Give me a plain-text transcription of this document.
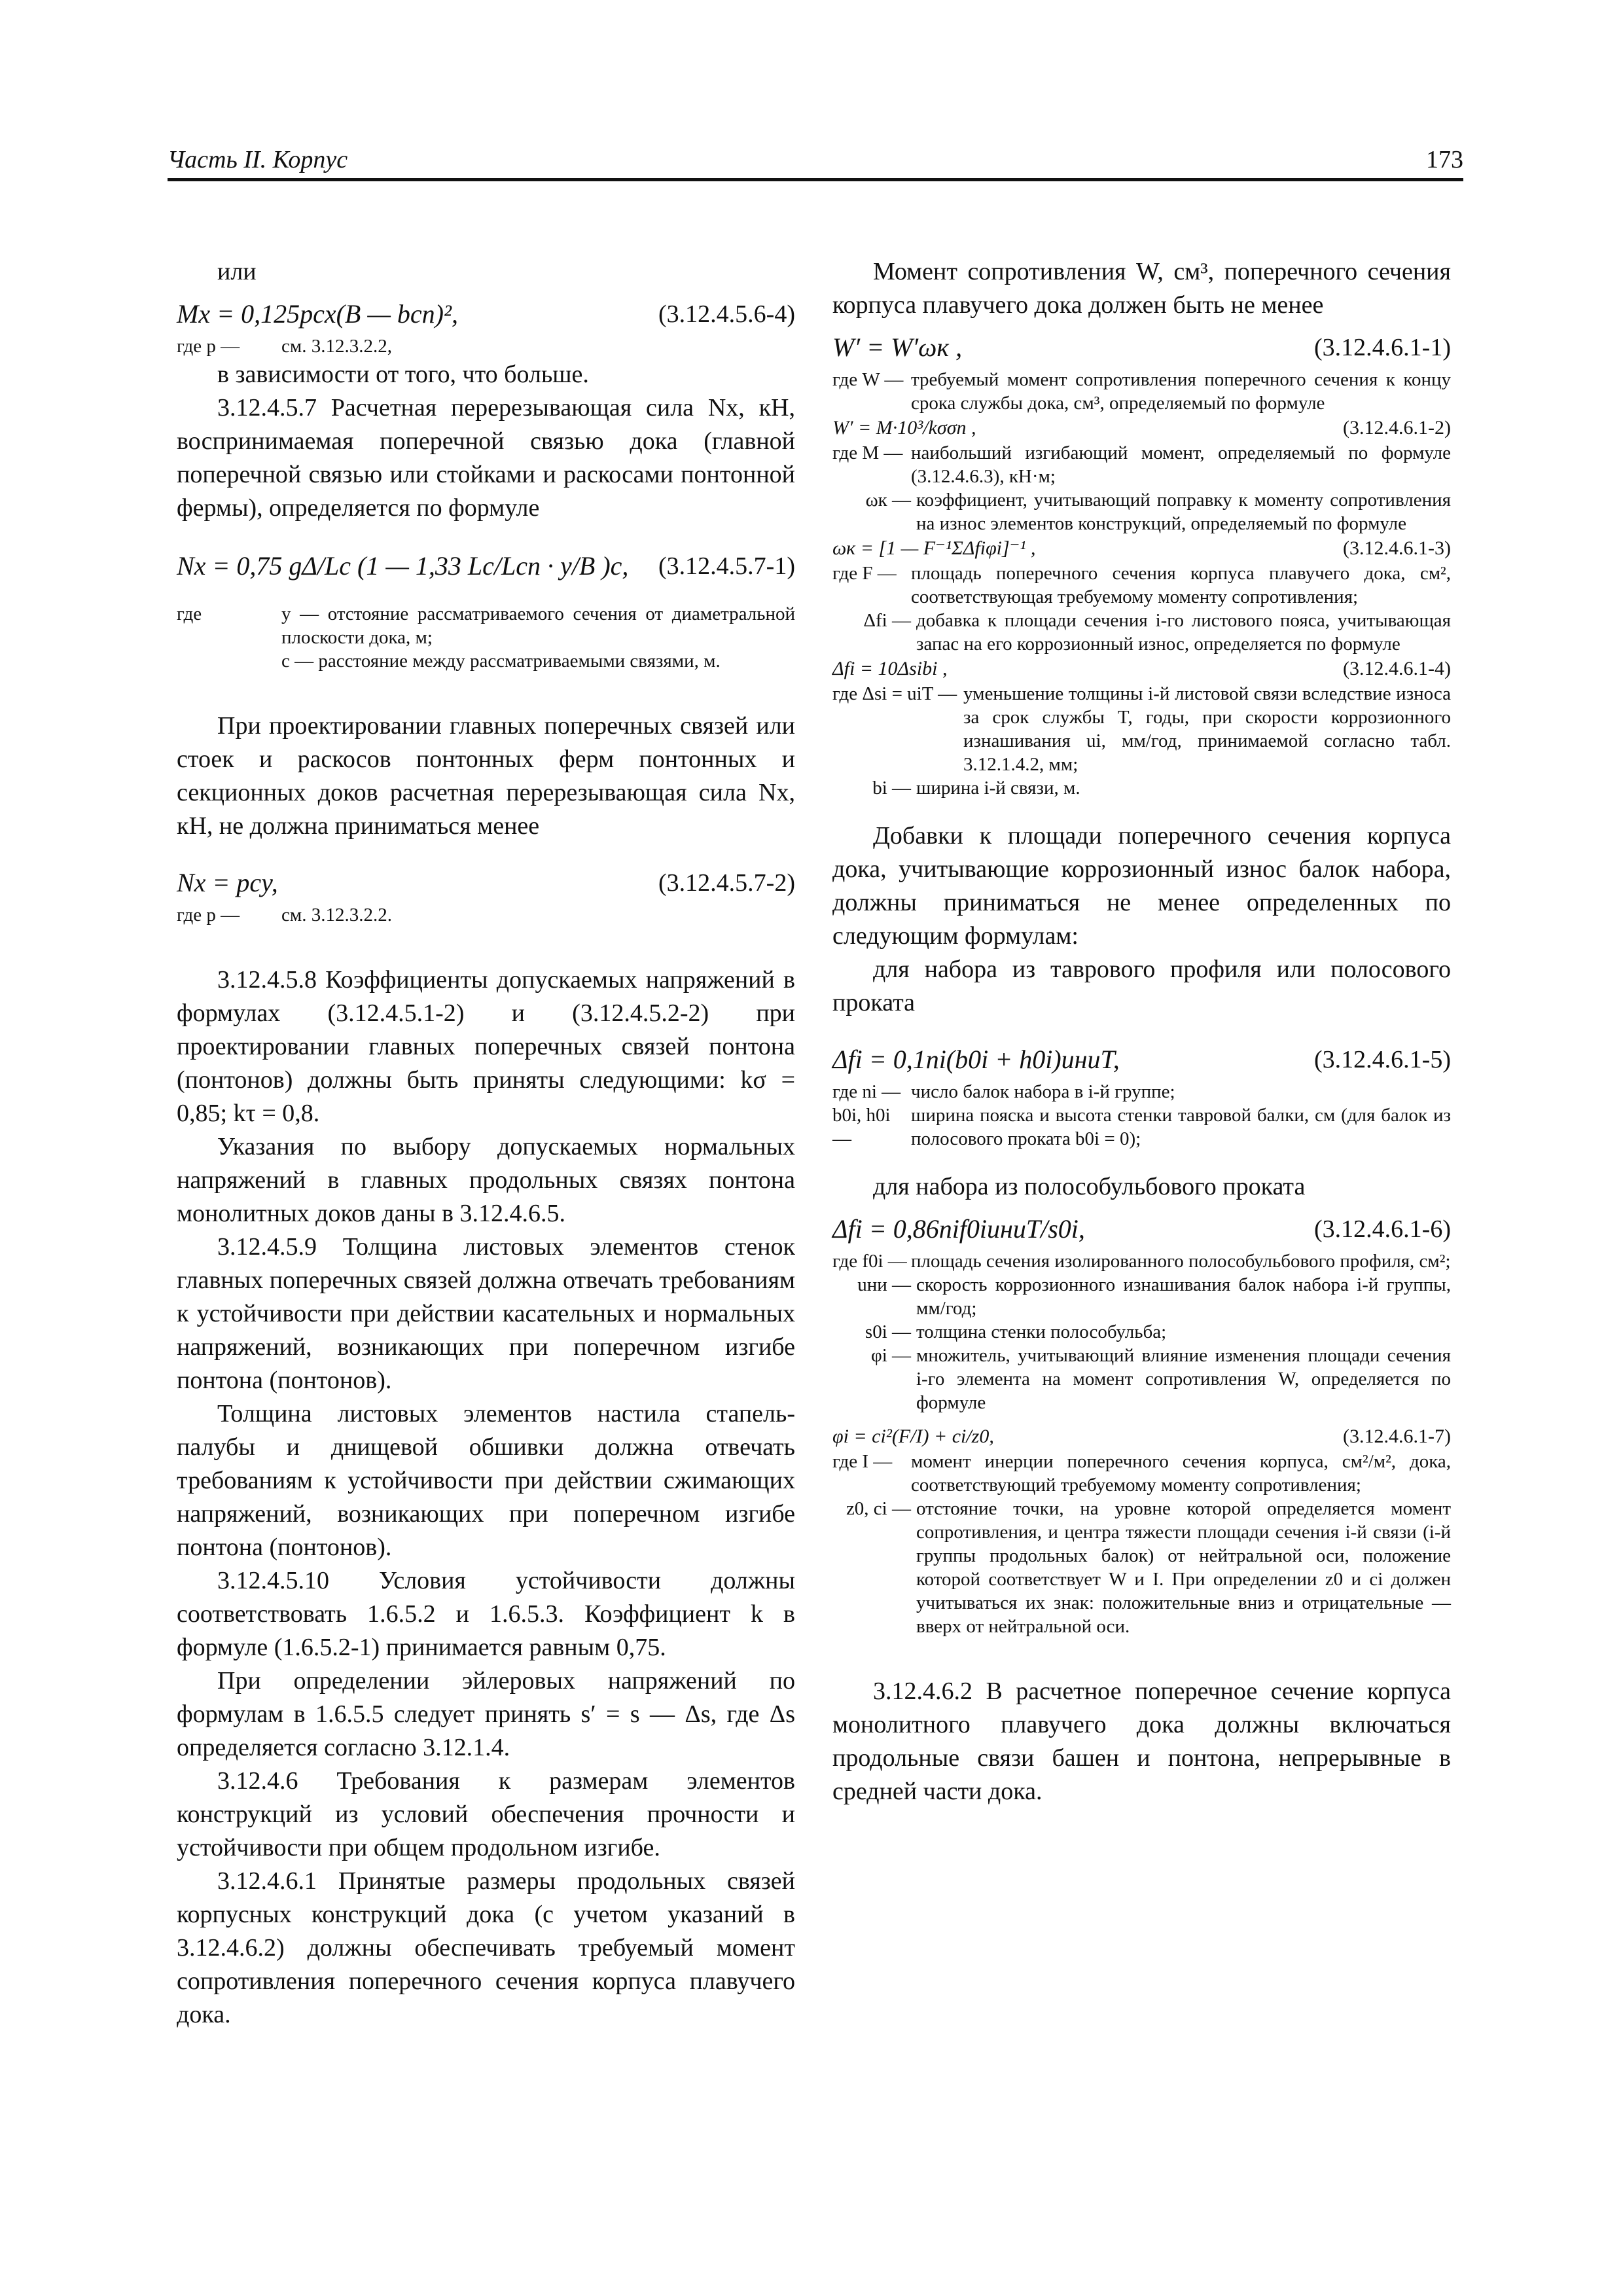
Часть II. Корпус	173

или

Mx = 0,125pcx(B — bсп)²,	(3.12.4.5.6-4)
где p —	см. 3.12.3.2.2,

в зависимости от того, что больше.

3.12.4.5.7 Расчетная перерезывающая сила Nx, кН, воспринимаемая поперечной связью дока (главной поперечной связью или стойками и раскосами понтонной фермы), определяется по формуле

Nx = 0,75 gΔ/Lc (1 — 1,33 Lc/Lсп · y/B )c, (3.12.4.5.7-1)
где	y — отстояние рассматриваемого сечения от диаметральной плоскости дока, м;
c — расстояние между рассматриваемыми связями, м.

При проектировании главных поперечных связей или стоек и раскосов понтонных ферм понтонных и секционных доков расчетная перерезывающая сила Nx, кН, не должна приниматься менее

Nx = pcy,	(3.12.4.5.7-2)
где p —	см. 3.12.3.2.2.

3.12.4.5.8 Коэффициенты допускаемых напряжений в формулах (3.12.4.5.1-2) и (3.12.4.5.2-2) при проектировании главных поперечных связей понтона (понтонов) должны быть приняты следующими: kσ = 0,85; kτ = 0,8.

Указания по выбору допускаемых нормальных напряжений в главных продольных связях понтона монолитных доков даны в 3.12.4.6.5.

3.12.4.5.9 Толщина листовых элементов стенок главных поперечных связей должна отвечать требованиям к устойчивости при действии касательных и нормальных напряжений, возникающих при поперечном изгибе понтона (понтонов).

Толщина листовых элементов настила стапель-палубы и днищевой обшивки должна отвечать требованиям к устойчивости при действии сжимающих напряжений, возникающих при поперечном изгибе понтона (понтонов).

3.12.4.5.10 Условия устойчивости должны соответствовать 1.6.5.2 и 1.6.5.3. Коэффициент k в формуле (1.6.5.2-1) принимается равным 0,75.

При определении эйлеровых напряжений по формулам в 1.6.5.5 следует принять s′ = s — Δs, где Δs определяется согласно 3.12.1.4.

3.12.4.6 Требования к размерам элементов конструкций из условий обеспечения прочности и устойчивости при общем продольном изгибе.

3.12.4.6.1 Принятые размеры продольных связей корпусных конструкций дока (с учетом указаний в 3.12.4.6.2) должны обеспечивать требуемый момент сопротивления поперечного сечения корпуса плавучего дока.

Момент сопротивления W, см³, поперечного сечения корпуса плавучего дока должен быть не менее

W′ = W′ωк ,	(3.12.4.6.1-1)
где W — требуемый момент сопротивления поперечного сечения к концу срока службы дока, см³, определяемый по формуле
W′ = M·10³/kσσn ,	(3.12.4.6.1-2)
где M — наибольший изгибающий момент, определяемый по формуле (3.12.4.6.3), кН·м;
ωк — коэффициент, учитывающий поправку к моменту сопротивления на износ элементов конструкций, определяемый по формуле
ωк = [1 — F⁻¹ΣΔfiφi]⁻¹ ,	(3.12.4.6.1-3)
где F — площадь поперечного сечения корпуса плавучего дока, см², соответствующая требуемому моменту сопротивления;
Δfi — добавка к площади сечения i-го листового пояса, учитывающая запас на его коррозионный износ, определяется по формуле
Δfi = 10Δsibi ,	(3.12.4.6.1-4)
где Δsi = uiT — уменьшение толщины i-й листовой связи вследствие износа за срок службы T, годы, при скорости коррозионного изнашивания ui, мм/год, принимаемой согласно табл. 3.12.1.4.2, мм;
bi — ширина i-й связи, м.

Добавки к площади поперечного сечения корпуса дока, учитывающие коррозионный износ балок набора, должны приниматься не менее определенных по следующим формулам:

для набора из таврового профиля или полосового проката

Δfi = 0,1ni(b0i + h0i)uниT,	(3.12.4.6.1-5)
где ni — число балок набора в i-й группе;
b0i, h0i —
ширина пояска и высота стенки тавровой балки, см (для балок из полосового проката b0i = 0);

для набора из полособульбового проката

Δfi = 0,86nif0iuниT/s0i,	(3.12.4.6.1-6)
где f0i — площадь сечения изолированного полособульбового профиля, см²;
uни — скорость коррозионного изнашивания балок набора i-й группы, мм/год;
s0i — толщина стенки полособульба;
φi — множитель, учитывающий влияние изменения площади сечения i-го элемента на момент сопротивления W, определяется по формуле
φi = ci²(F/I) + ci/z0,	(3.12.4.6.1-7)
где I — момент инерции поперечного сечения корпуса, см²/м², дока, соответствующий требуемому моменту сопротивления;
z0, ci — отстояние точки, на уровне которой определяется момент сопротивления, и центра тяжести площади сечения i-й связи (i-й группы продольных балок) от нейтральной оси, положение которой соответствует W и I. При определении z0 и ci должен учитываться их знак: положительные вниз и отрицательные — вверх от нейтральной оси.

3.12.4.6.2 В расчетное поперечное сечение корпуса монолитного плавучего дока должны включаться продольные связи башен и понтона, непрерывные в средней части дока.
